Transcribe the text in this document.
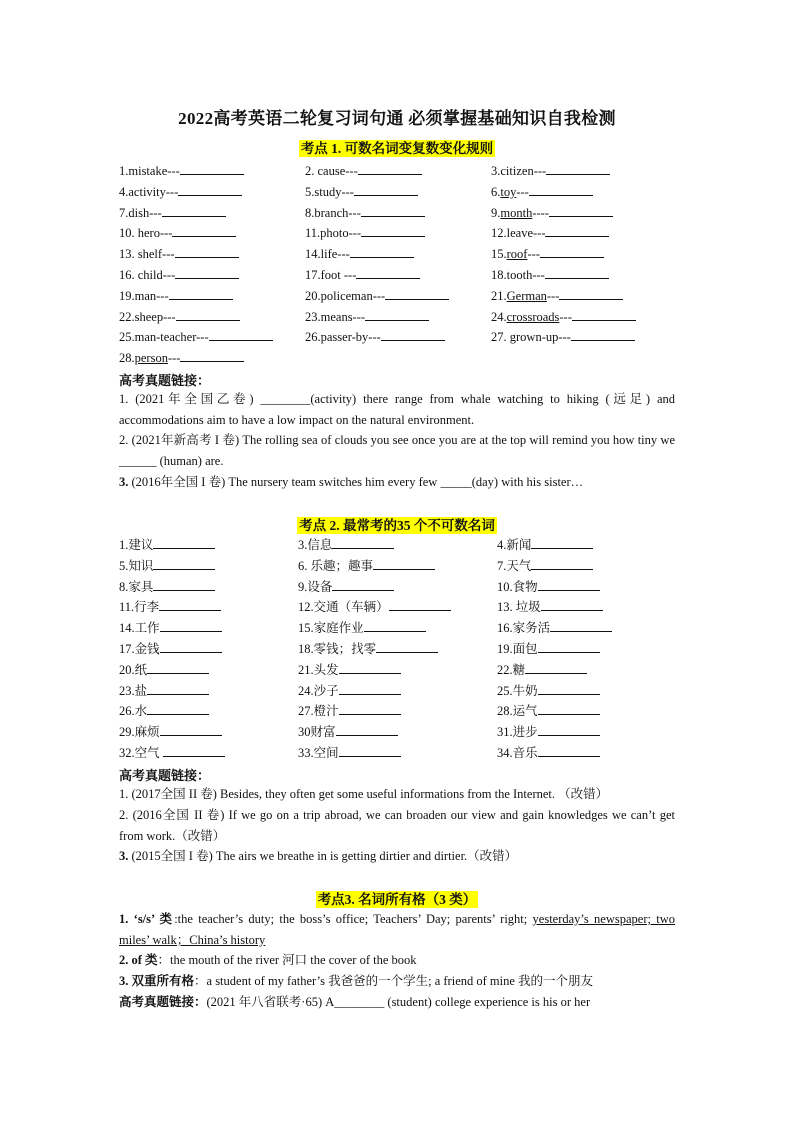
2022高考英语二轮复习词句通 必须掌握基础知识自我检测
考点 1. 可数名词变复数变化规则
1.mistake---	2. cause---	3.citizen---
4.activity---	5.study---	6.toy---
7.dish---	8.branch---	9.month----
10. hero---	11.photo---	12.leave---
13. shelf---	14.life---	15.roof---
16. child---	17.foot ---	18.tooth---
19.man---	20.policeman---	21.German---
22.sheep---	23.means---	24.crossroads---
25.man-teacher---	26.passer-by---	27. grown-up---
28.person---
高考真题链接：
1. (2021年全国乙卷) ________(activity) there range from whale watching to hiking (远足) and accommodations aim to have a low impact on the natural environment.
2. (2021年新高考 I 卷) The rolling sea of clouds you see once you are at the top will remind you how tiny we ______ (human) are.
3. (2016年全国 I 卷) The nursery team switches him every few _____(day) with his sister…
考点 2. 最常考的35 个不可数名词
1.建议	3.信息	4.新闻
5.知识	6. 乐趣；趣事	7.天气
8.家具	9.设备	10.食物
11.行李	12.交通（车辆）	13. 垃圾
14.工作	15.家庭作业	16.家务活
17.金钱	18.零钱；找零	19.面包
20.纸	21.头发	22.糖
23.盐	24.沙子	25.牛奶
26.水	27.橙汁	28.运气
29.麻烦	30财富	31.进步
32.空气	33.空间	34.音乐
高考真题链接：
1. (2017全国 II 卷) Besides, they often get some useful informations from the Internet. （改错）
2. (2016全国 II 卷) If we go on a trip abroad, we can broaden our view and gain knowledges we can’t get from work.（改错）
3. (2015全国 I 卷) The airs we breathe in is getting dirtier and dirtier.（改错）
考点3. 名词所有格（3 类）
1. ‘s/s’ 类:the teacher’s duty; the boss’s office; Teachers’ Day; parents’ right; yesterday’s newspaper; two miles’ walk；China’s history
2. of 类：the mouth of the river 河口 the cover of the book
3. 双重所有格：a student of my father’s 我爸爸的一个学生; a friend of mine 我的一个朋友
高考真题链接：(2021 年八省联考·65) A________ (student) college experience is his or her
